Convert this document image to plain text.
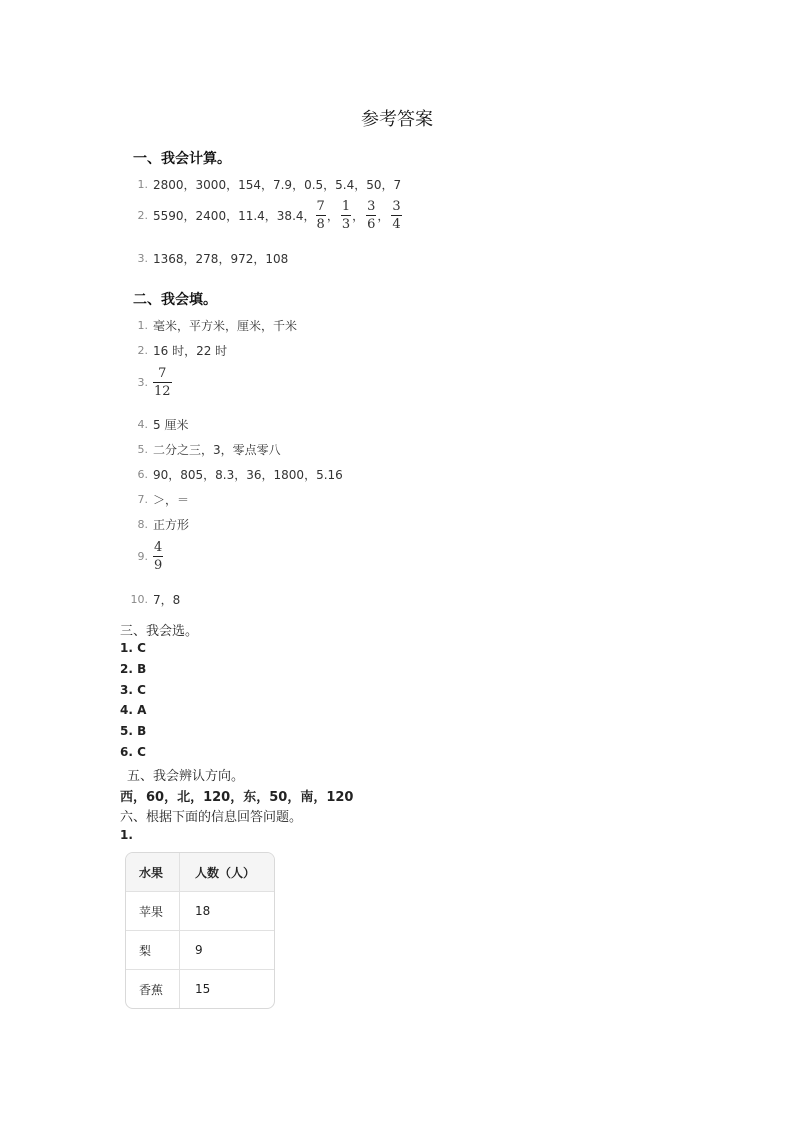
参考答案
一、我会计算。
1. 2800，3000，154，7.9，0.5，5.4，50，7
2. 5590，2400，11.4，38.4， $\frac{7}{8}$ ， $\frac{1}{3}$ ， $\frac{3}{6}$ ， $\frac{3}{4}$
3. 1368，278，972，108
二、我会填。
1. 毫米，平方米，厘米，千米
2. 16 时，22 时
3. $\frac{7}{12}$
4. 5 厘米
5. 二分之三，3，零点零八
6. 90，805，8.3，36，1800，5.16
7. ＞，＝
8. 正方形
9. $\frac{4}{9}$
10. 7，8
三、我会选。
1. C
2. B
3. C
4. A
5. B
6. C
五、我会辨认方向。
西，60，北，120，东，50，南，120
六、根据下面的信息回答问题。
1.
水果	人数（人）
苹果	18
梨	9
香蕉	15
